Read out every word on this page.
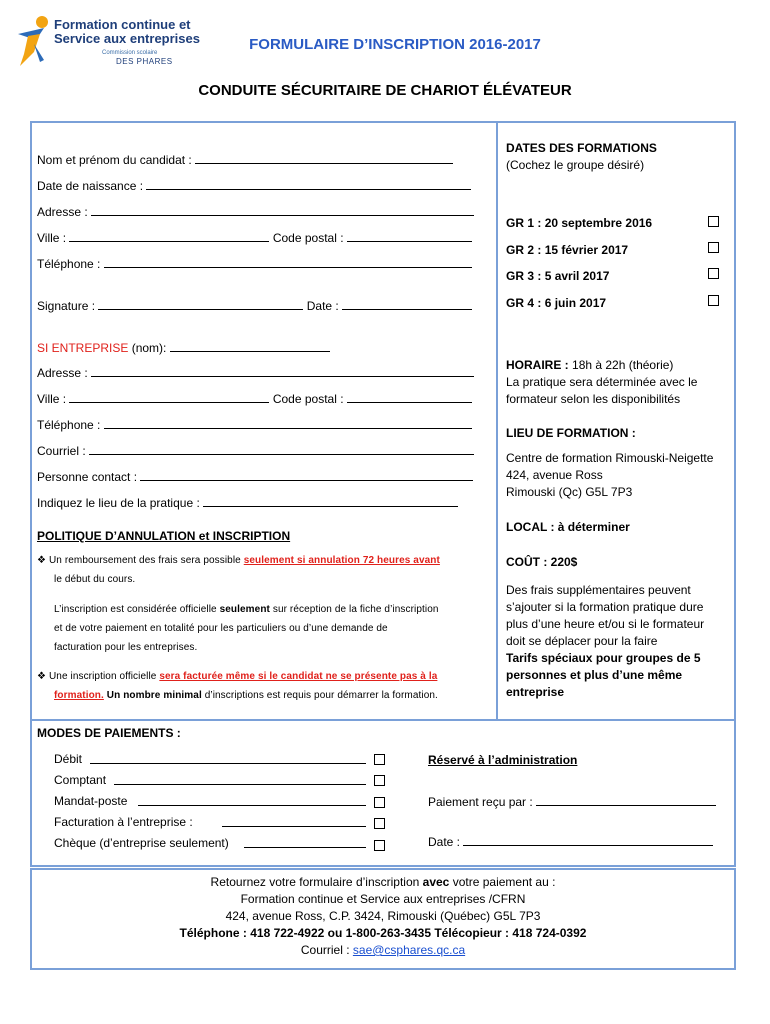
Formation continue et
Service aux entreprises
Commission scolaire
DES PHARES
FORMULAIRE D’INSCRIPTION 2016-2017
CONDUITE SÉCURITAIRE DE CHARIOT ÉLÉVATEUR
Nom et prénom du candidat :
Date de naissance :
Adresse :
Ville :	Code postal :
Téléphone :
Signature :	Date :
SI ENTREPRISE (nom):
Adresse :
Ville :	Code postal :
Téléphone :
Courriel :
Personne contact :
Indiquez le lieu de la pratique :
POLITIQUE D’ANNULATION et INSCRIPTION
❖ Un remboursement des frais sera possible seulement si annulation 72 heures avant
le début du cours.
L’inscription est considérée officielle seulement sur réception de la fiche d’inscription
et de votre paiement en totalité pour les particuliers ou d’une demande de
facturation pour les entreprises.
❖ Une inscription officielle sera facturée même si le candidat ne se présente pas à la
formation. Un nombre minimal d’inscriptions est requis pour démarrer la formation.
DATES DES FORMATIONS
(Cochez le groupe désiré)
GR 1 : 20 septembre 2016
GR 2 : 15 février 2017
GR 3 : 5 avril 2017
GR 4 : 6 juin 2017
HORAIRE : 18h à 22h (théorie)
La pratique sera déterminée avec le
formateur selon les disponibilités
LIEU DE FORMATION :
Centre de formation Rimouski-Neigette
424, avenue Ross
Rimouski (Qc) G5L 7P3
LOCAL : à déterminer
COÛT : 220$
Des frais supplémentaires peuvent
s’ajouter si la formation pratique dure
plus d’une heure et/ou si le formateur
doit se déplacer pour la faire
Tarifs spéciaux pour groupes de 5
personnes et plus d’une même
entreprise
MODES DE PAIEMENTS :
Débit
Comptant
Mandat-poste
Facturation à l’entreprise :
Chèque (d’entreprise seulement)
Réservé à l’administration
Paiement reçu par :
Date :
Retournez votre formulaire d’inscription avec votre paiement au :
Formation continue et Service aux entreprises /CFRN
424, avenue Ross, C.P. 3424, Rimouski (Québec) G5L 7P3
Téléphone : 418 722-4922 ou 1-800-263-3435 Télécopieur : 418 724-0392
Courriel : sae@csphares.qc.ca
